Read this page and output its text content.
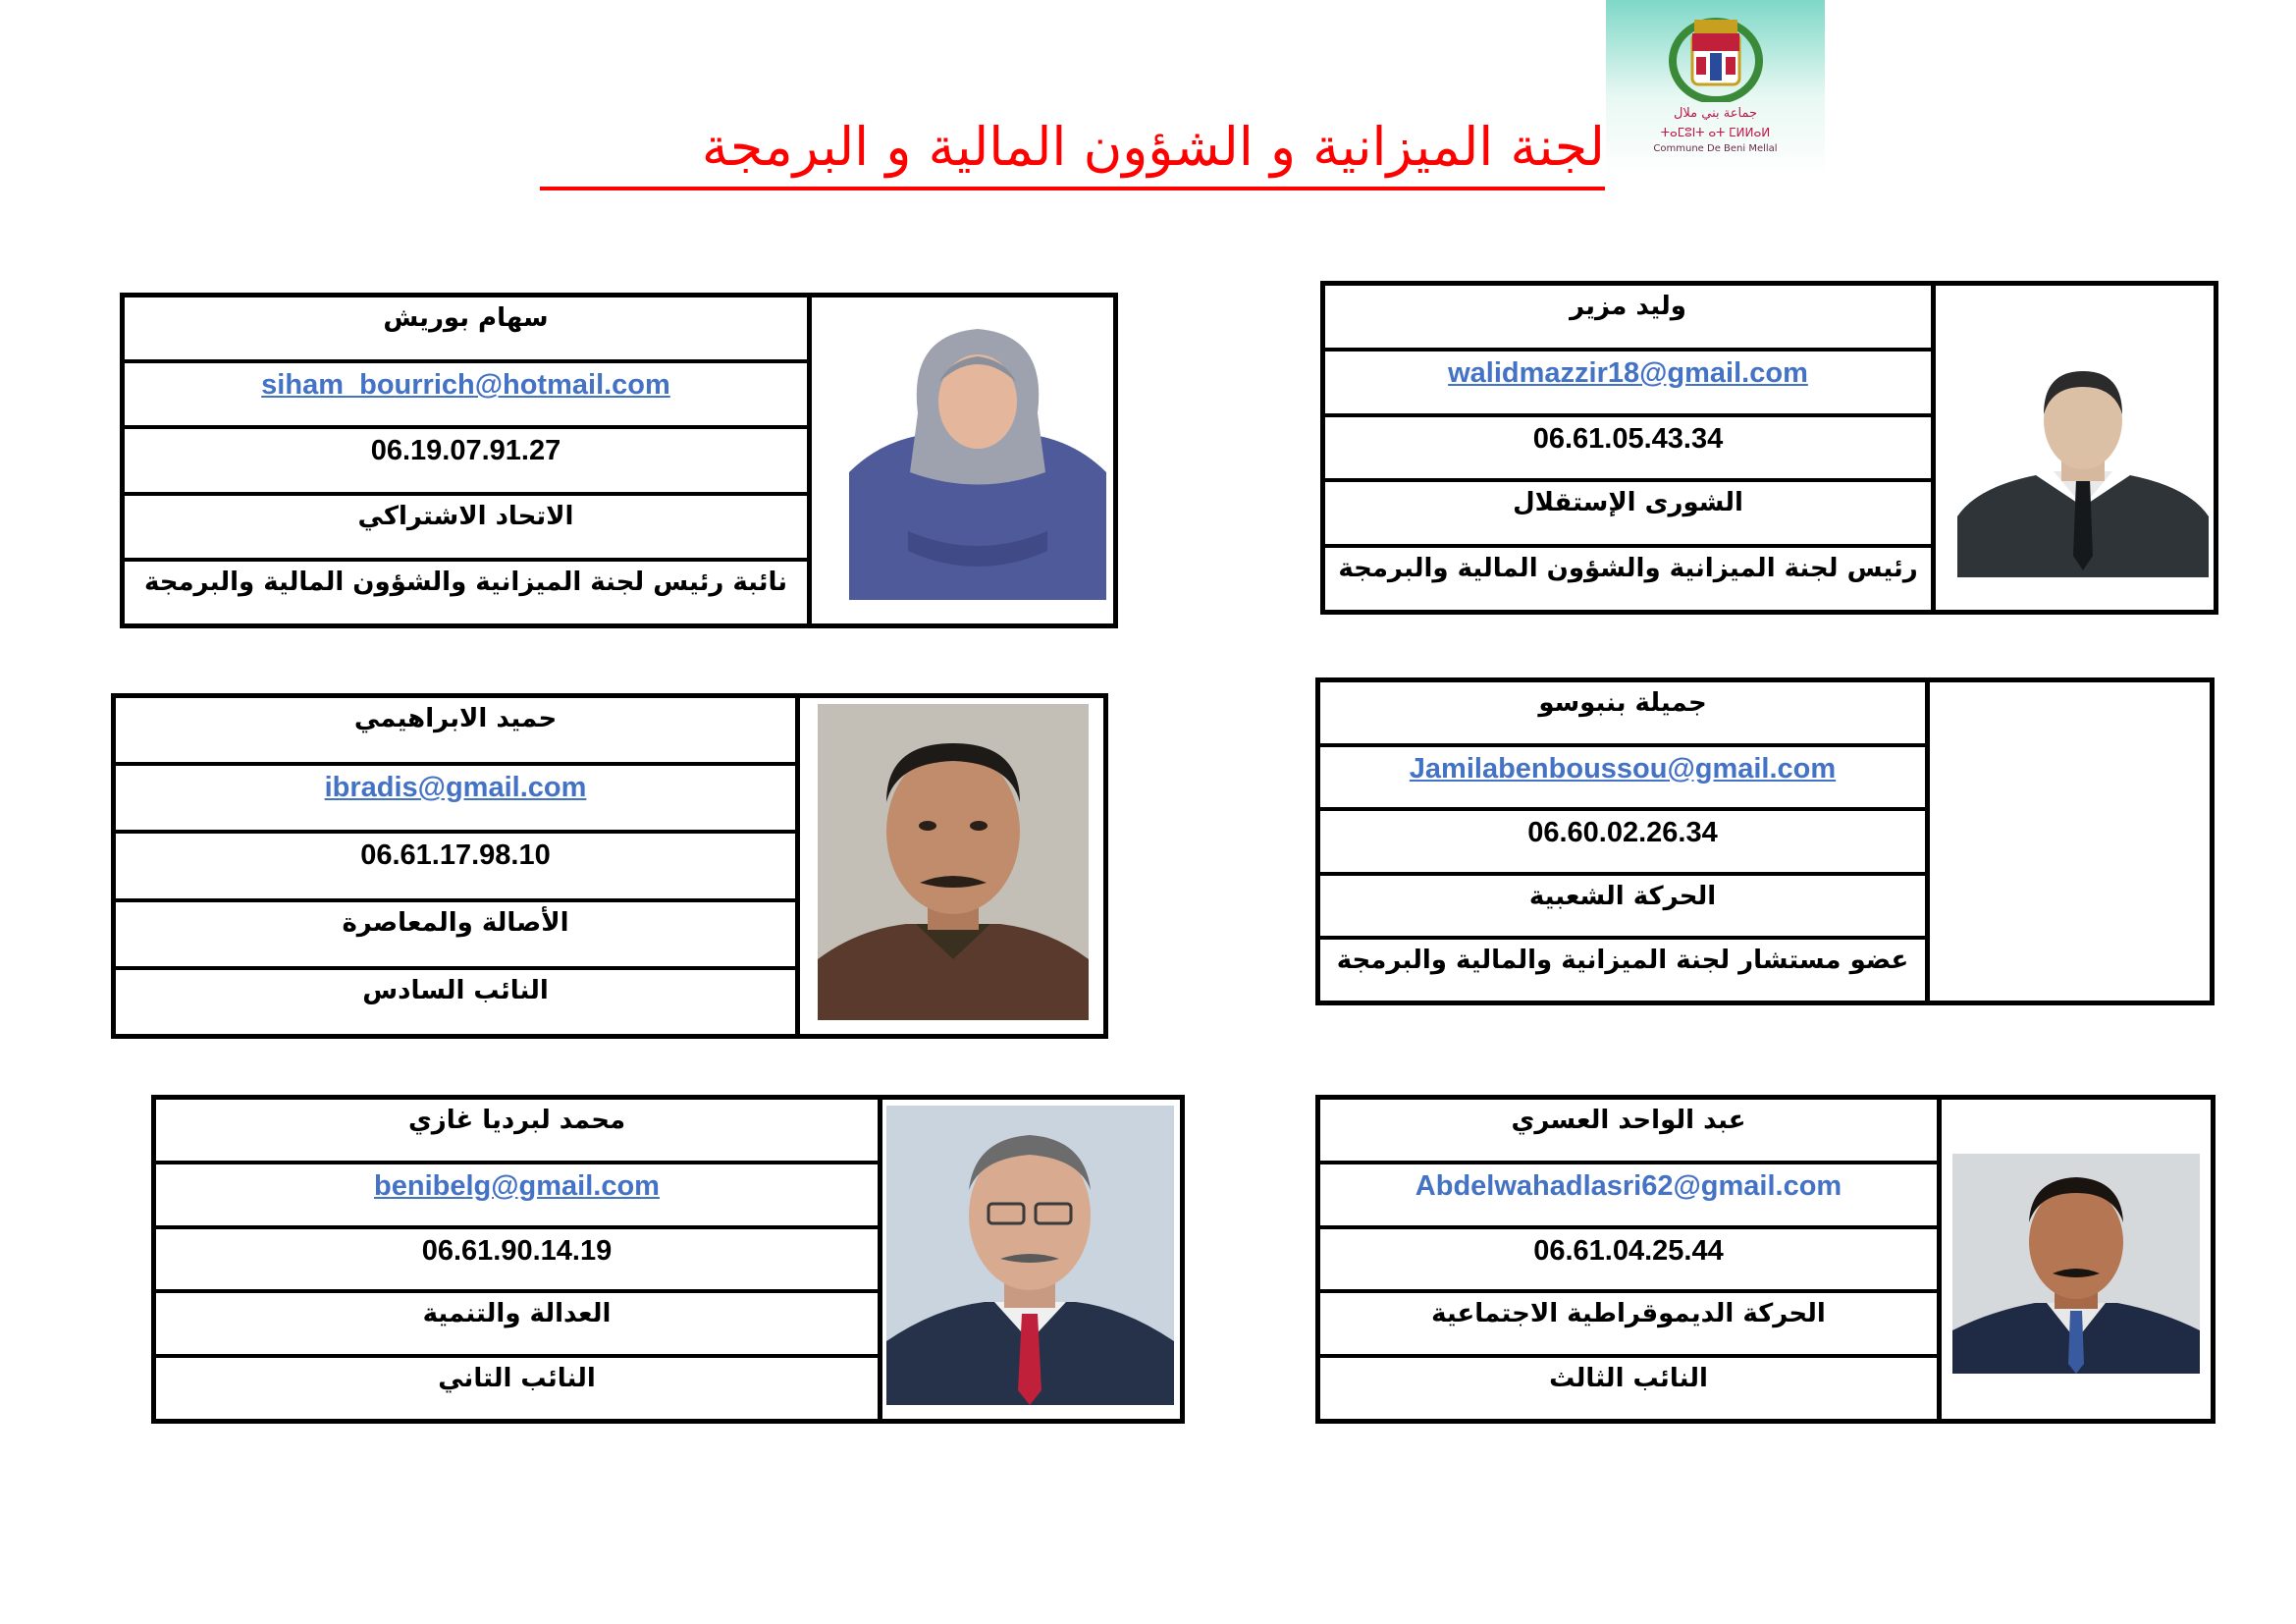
لجنة الميزانية و الشؤون المالية و البرمجة
جماعة بني ملال
ⵜⴰⵎⵓⵏⵜ ⴰⵜ ⵎⵍⵍⴰⵍ
Commune De Beni Mellal
وليد مزير
walidmazzir18@gmail.com
06.61.05.43.34
الشورى الإستقلال
رئيس لجنة الميزانية والشؤون المالية والبرمجة
سهام بوريش
siham_bourrich@hotmail.com
06.19.07.91.27
الاتحاد الاشتراكي
نائبة رئيس لجنة الميزانية والشؤون المالية والبرمجة
جميلة بنبوسو
Jamilabenboussou@gmail.com
06.60.02.26.34
الحركة الشعبية
عضو مستشار لجنة الميزانية والمالية والبرمجة
حميد الابراهيمي
ibradis@gmail.com
06.61.17.98.10
الأصالة والمعاصرة
النائب السادس
عبد الواحد العسري
Abdelwahadlasri62@gmail.com
06.61.04.25.44
الحركة الديموقراطية الاجتماعية
النائب الثالث
محمد لبرديا غازي
benibelg@gmail.com
06.61.90.14.19
العدالة والتنمية
النائب التاني
